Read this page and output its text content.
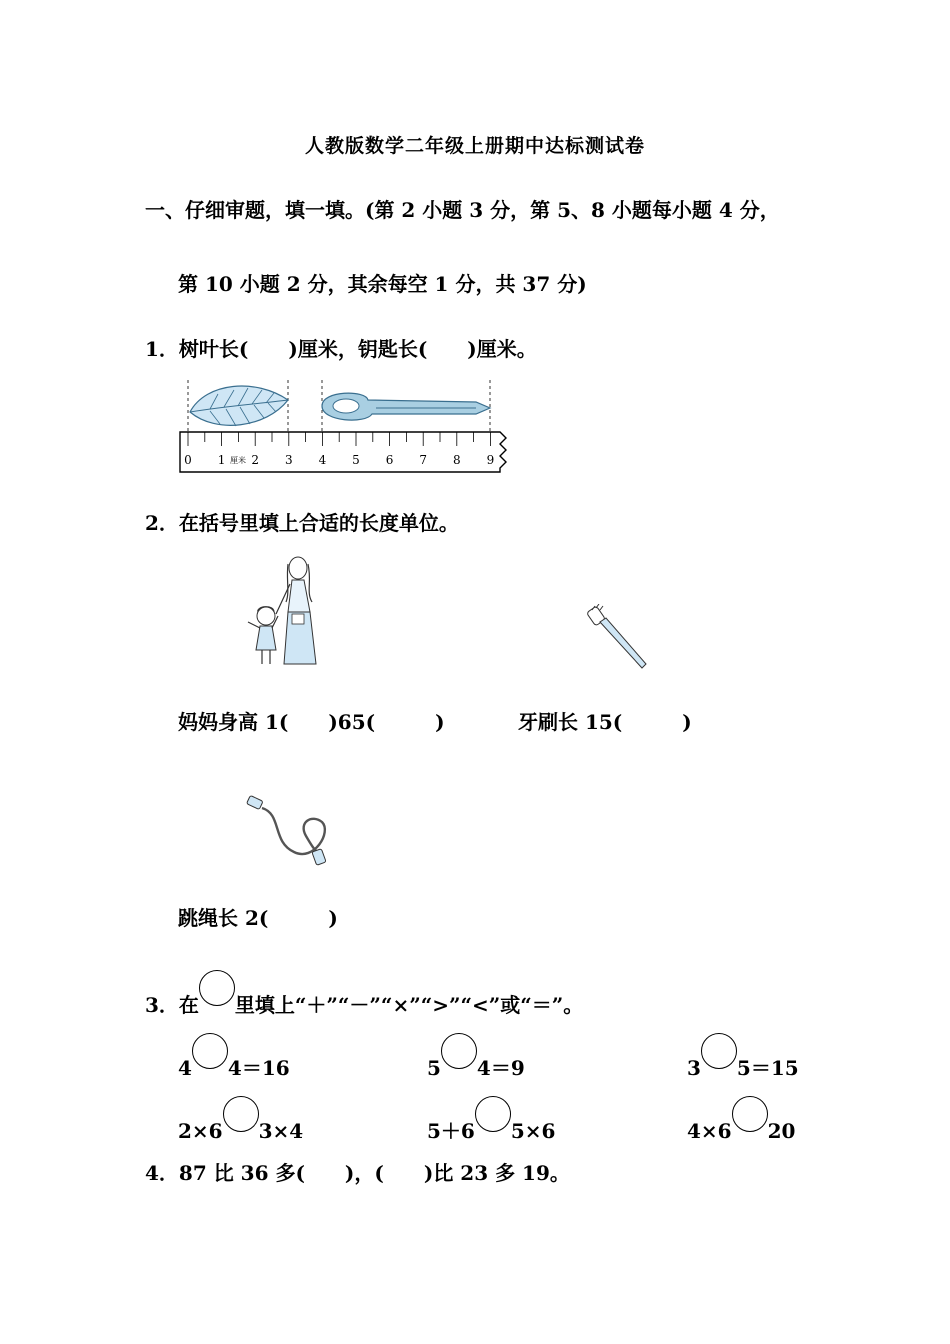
人教版数学二年级上册期中达标测试卷
一、仔细审题，填一填。(第 2 小题 3 分，第 5、8 小题每小题 4 分，
第 10 小题 2 分，其余每空 1 分，共 37 分)
1．树叶长(　　)厘米，钥匙长(　　)厘米。
0 1 厘米 2 3 4 5 6 7 8 9
2．在括号里填上合适的长度单位。
妈妈身高 1(　　)65(　　　)	牙刷长 15(　　　)
跳绳长 2(　　　)
3．在 里填上“＋”“－”“×”“>”“<”或“＝”。
4 4＝16	5 4＝9	3 5＝15
2×6 3×4	5＋6 5×6	4×6 20
4．87 比 36 多(　　)，(　　)比 23 多 19。
